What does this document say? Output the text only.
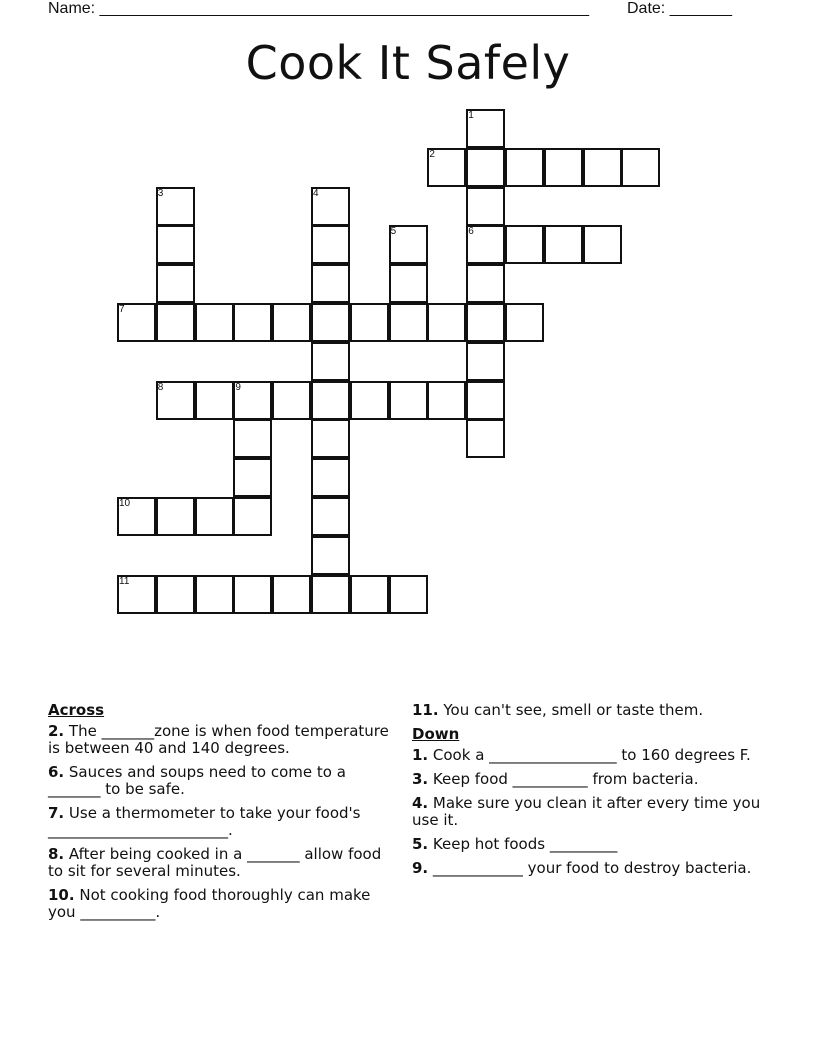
Name: _______________________________________________________ Date: _______
Cook It Safely
1
2
3	4
5	6
7
8	9
10
11
Across
2. The _______zone is when food temperature is between 40 and 140 degrees.
6. Sauces and soups need to come to a _______ to be safe.
7. Use a thermometer to take your food's ________________________.
8. After being cooked in a _______ allow food to sit for several minutes.
10. Not cooking food thoroughly can make you __________.
11. You can't see, smell or taste them.
Down
1. Cook a _________________ to 160 degrees F.
3. Keep food __________ from bacteria.
4. Make sure you clean it after every time you use it.
5. Keep hot foods _________
9. ____________ your food to destroy bacteria.
